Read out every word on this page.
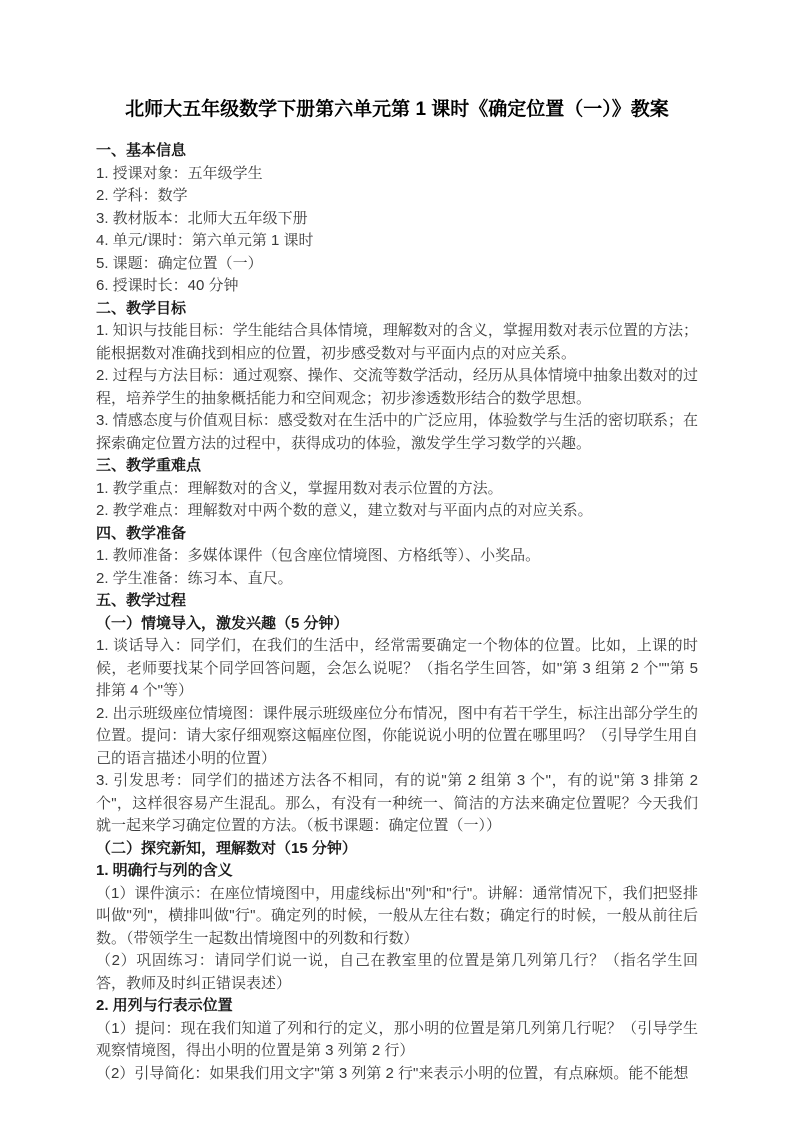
北师大五年级数学下册第六单元第 1 课时《确定位置（一）》教案

一、基本信息

1. 授课对象：五年级学生

2. 学科：数学

3. 教材版本：北师大五年级下册

4. 单元/课时：第六单元第 1 课时

5. 课题：确定位置（一）

6. 授课时长：40 分钟

二、教学目标

1. 知识与技能目标：学生能结合具体情境，理解数对的含义，掌握用数对表示位置的方法；能根据数对准确找到相应的位置，初步感受数对与平面内点的对应关系。

2. 过程与方法目标：通过观察、操作、交流等数学活动，经历从具体情境中抽象出数对的过程，培养学生的抽象概括能力和空间观念；初步渗透数形结合的数学思想。

3. 情感态度与价值观目标：感受数对在生活中的广泛应用，体验数学与生活的密切联系；在探索确定位置方法的过程中，获得成功的体验，激发学生学习数学的兴趣。

三、教学重难点

1. 教学重点：理解数对的含义，掌握用数对表示位置的方法。

2. 教学难点：理解数对中两个数的意义，建立数对与平面内点的对应关系。

四、教学准备

1. 教师准备：多媒体课件（包含座位情境图、方格纸等）、小奖品。

2. 学生准备：练习本、直尺。

五、教学过程

（一）情境导入，激发兴趣（5 分钟）

1. 谈话导入：同学们，在我们的生活中，经常需要确定一个物体的位置。比如，上课的时候，老师要找某个同学回答问题，会怎么说呢？（指名学生回答，如"第 3 组第 2 个""第 5 排第 4 个"等）

2. 出示班级座位情境图：课件展示班级座位分布情况，图中有若干学生，标注出部分学生的位置。提问：请大家仔细观察这幅座位图，你能说说小明的位置在哪里吗？（引导学生用自己的语言描述小明的位置）

3. 引发思考：同学们的描述方法各不相同，有的说"第 2 组第 3 个"，有的说"第 3 排第 2 个"，这样很容易产生混乱。那么，有没有一种统一、简洁的方法来确定位置呢？今天我们就一起来学习确定位置的方法。（板书课题：确定位置（一））

（二）探究新知，理解数对（15 分钟）

1. 明确行与列的含义

（1）课件演示：在座位情境图中，用虚线标出"列"和"行"。讲解：通常情况下，我们把竖排叫做"列"，横排叫做"行"。确定列的时候，一般从左往右数；确定行的时候，一般从前往后数。（带领学生一起数出情境图中的列数和行数）

（2）巩固练习：请同学们说一说，自己在教室里的位置是第几列第几行？（指名学生回答，教师及时纠正错误表述）

2. 用列与行表示位置

（1）提问：现在我们知道了列和行的定义，那小明的位置是第几列第几行呢？（引导学生观察情境图，得出小明的位置是第 3 列第 2 行）

（2）引导简化：如果我们用文字"第 3 列第 2 行"来表示小明的位置，有点麻烦。能不能想
